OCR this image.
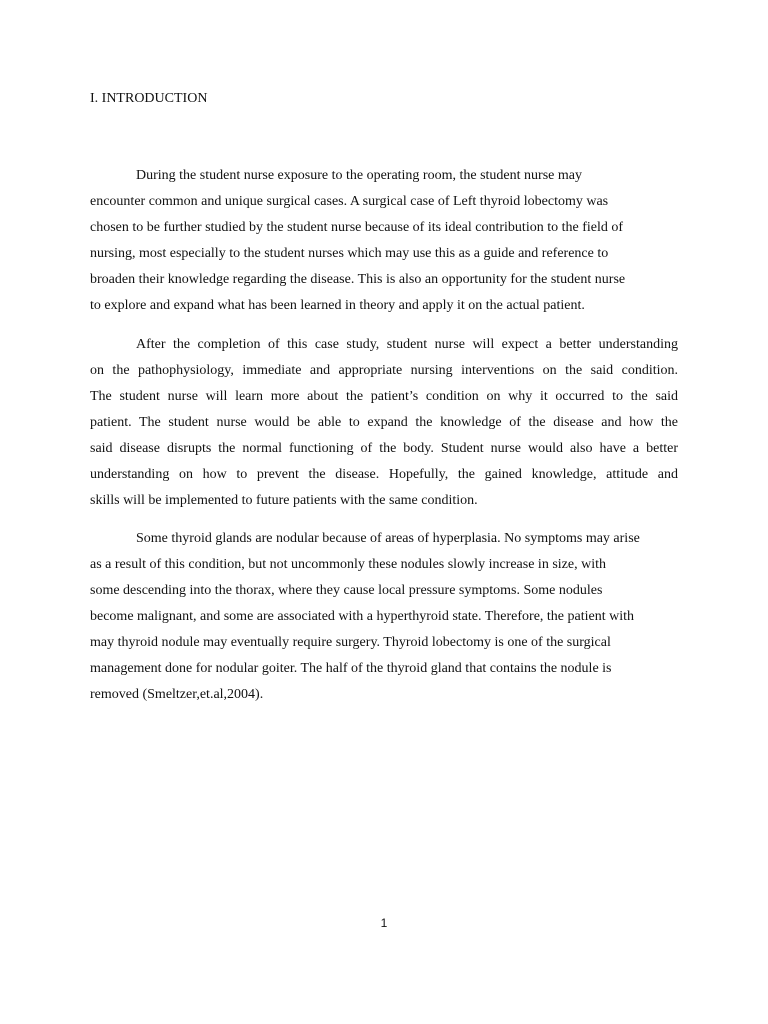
I. INTRODUCTION
During the student nurse exposure to the operating room, the student nurse may
encounter common and unique surgical cases. A surgical case of Left thyroid lobectomy was
chosen to be further studied by the student nurse because of its ideal contribution to the field of
nursing, most especially to the student nurses which may use this as a guide and reference to
broaden their knowledge regarding the disease. This is also an opportunity for the student nurse
to explore and expand what has been learned in theory and apply it on the actual patient.
After the completion of this case study, student nurse will expect a better understanding
on the pathophysiology, immediate and appropriate nursing interventions on the said condition.
The student nurse will learn more about the patient’s condition on why it occurred to the said
patient. The student nurse would be able to expand the knowledge of the disease and how the
said disease disrupts the normal functioning of the body. Student nurse would also have a better
understanding on how to prevent the disease. Hopefully, the gained knowledge, attitude and
skills will be implemented to future patients with the same condition.
Some thyroid glands are nodular because of areas of hyperplasia. No symptoms may arise
as a result of this condition, but not uncommonly these nodules slowly increase in size, with
some descending into the thorax, where they cause local pressure symptoms. Some nodules
become malignant, and some are associated with a hyperthyroid state. Therefore, the patient with
may thyroid nodule may eventually require surgery. Thyroid lobectomy is one of the surgical
management done for nodular goiter. The half of the thyroid gland that contains the nodule is
removed (Smeltzer,et.al,2004).
1
